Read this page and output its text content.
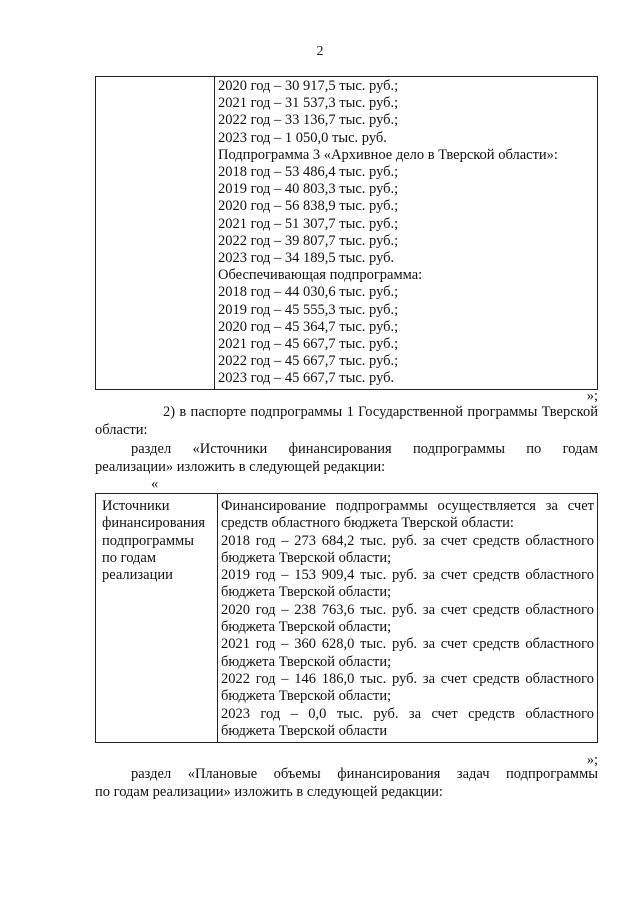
2

2020 год – 30 917,5 тыс. руб.;
2021 год – 31 537,3 тыс. руб.;
2022 год – 33 136,7 тыс. руб.;
2023 год – 1 050,0 тыс. руб.
Подпрограмма 3 «Архивное дело в Тверской области»:
2018 год – 53 486,4 тыс. руб.;
2019 год – 40 803,3 тыс. руб.;
2020 год – 56 838,9 тыс. руб.;
2021 год – 51 307,7 тыс. руб.;
2022 год – 39 807,7 тыс. руб.;
2023 год – 34 189,5 тыс. руб.
Обеспечивающая подпрограмма:
2018 год – 44 030,6 тыс. руб.;
2019 год – 45 555,3 тыс. руб.;
2020 год – 45 364,7 тыс. руб.;
2021 год – 45 667,7 тыс. руб.;
2022 год – 45 667,7 тыс. руб.;
2023 год – 45 667,7 тыс. руб.
»;
2) в паспорте подпрограммы 1 Государственной программы Тверской
области:
раздел «Источники финансирования подпрограммы по годам
реализации» изложить в следующей редакции:
«
Источники
финансирования
подпрограммы
по годам
реализации

Финансирование подпрограммы осуществляется за счет
средств областного бюджета Тверской области:
2018 год – 273 684,2 тыс. руб. за счет средств областного
бюджета Тверской области;
2019 год – 153 909,4 тыс. руб. за счет средств областного
бюджета Тверской области;
2020 год – 238 763,6 тыс. руб. за счет средств областного
бюджета Тверской области;
2021 год – 360 628,0 тыс. руб. за счет средств областного
бюджета Тверской области;
2022 год – 146 186,0 тыс. руб. за счет средств областного
бюджета Тверской области;
2023 год – 0,0 тыс. руб. за счет средств областного
бюджета Тверской области
»;
раздел «Плановые объемы финансирования задач подпрограммы
по годам реализации» изложить в следующей редакции:
